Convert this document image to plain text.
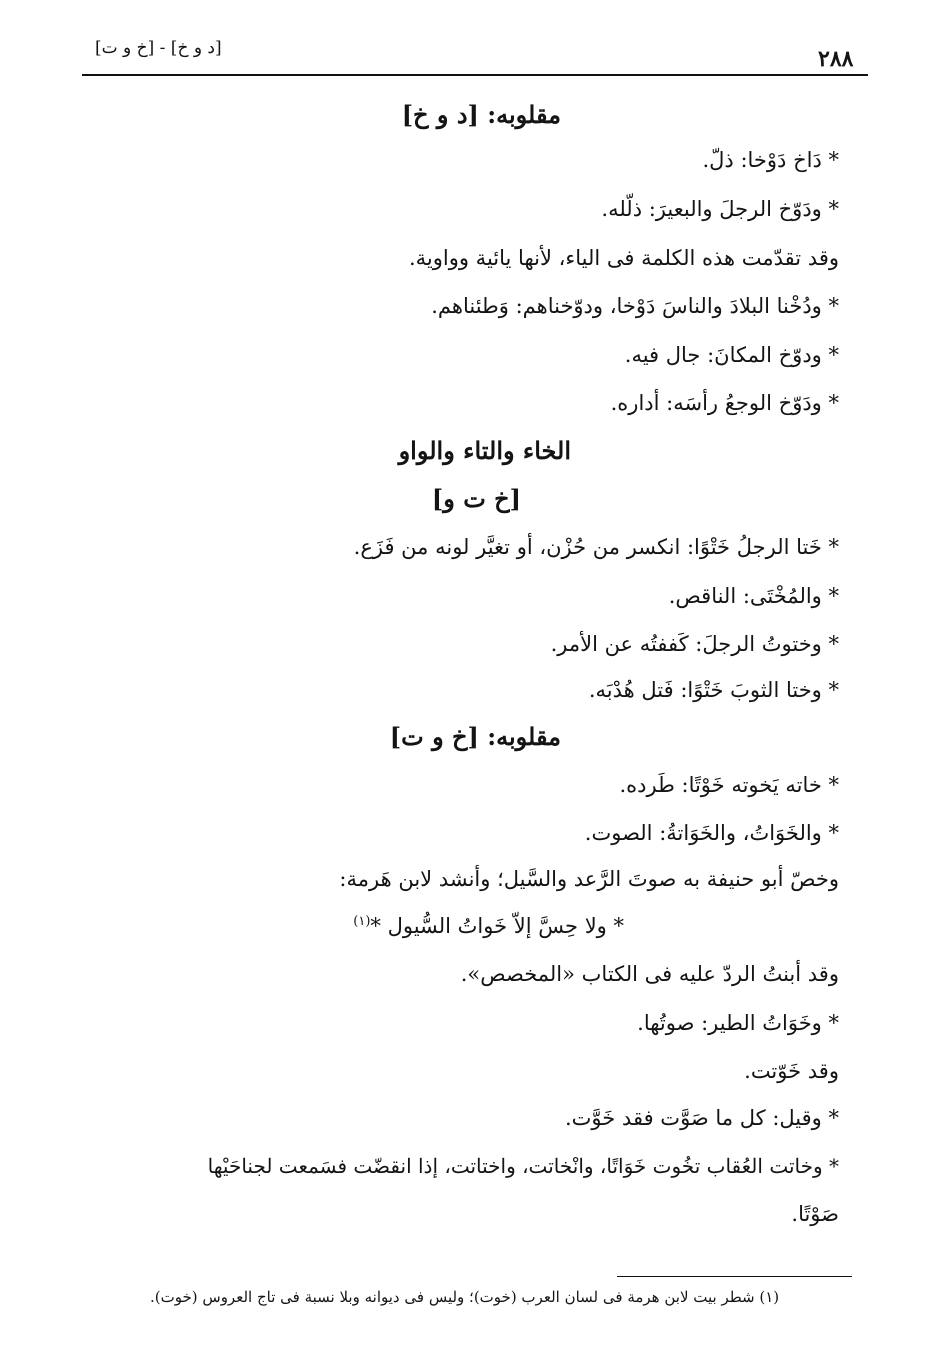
[د و خ] - [خ و ت]	٢٨٨
مقلوبه: [د و خ]
* دَاخ دَوْخا: ذلّ.
* ودَوّخ الرجلَ والبعيرَ: ذلّله.
وقد تقدّمت هذه الكلمة فى الياء، لأنها يائية وواوية.
* ودُخْنا البلادَ والناسَ دَوْخا، ودوّخناهم: وَطئناهم.
* ودوّخ المكانَ: جال فيه.
* ودَوّخ الوجعُ رأسَه: أداره.
الخاء والتاء والواو
[خ ت و]
* خَتا الرجلُ خَتْوًا: انكسر من حُزْن، أو تغيَّر لونه من فَزَع.
* والمُخْتَى: الناقص.
* وختوتُ الرجلَ: كَففتُه عن الأمر.
* وختا الثوبَ خَتْوًا: فَتل هُدْبَه.
مقلوبه: [خ و ت]
* خاته يَخوته خَوْتًا: طَرده.
* والخَوَاتُ، والخَوَاتةُ: الصوت.
وخصّ أبو حنيفة به صوتَ الرَّعد والسَّيل؛ وأنشد لابن هَرمة:
* ولا حِسَّ إلاّ خَواتُ السُّيول *$^{(١)}$
وقد أبنتُ الردّ عليه فى الكتاب «المخصص».
* وخَوَاتُ الطير: صوتُها.
وقد خَوّتت.
* وقيل: كل ما صَوَّت فقد خَوَّت.
* وخاتت العُقاب تخُوت خَوَاتًا، وانْخاتت، واختاتت، إذا انقضّت فسَمعت لجناحَيْها
صَوْتًا.
(١) شطر بيت لابن هرمة فى لسان العرب (خوت)؛ وليس فى ديوانه وبلا نسبة فى تاج العروس (خوت).
